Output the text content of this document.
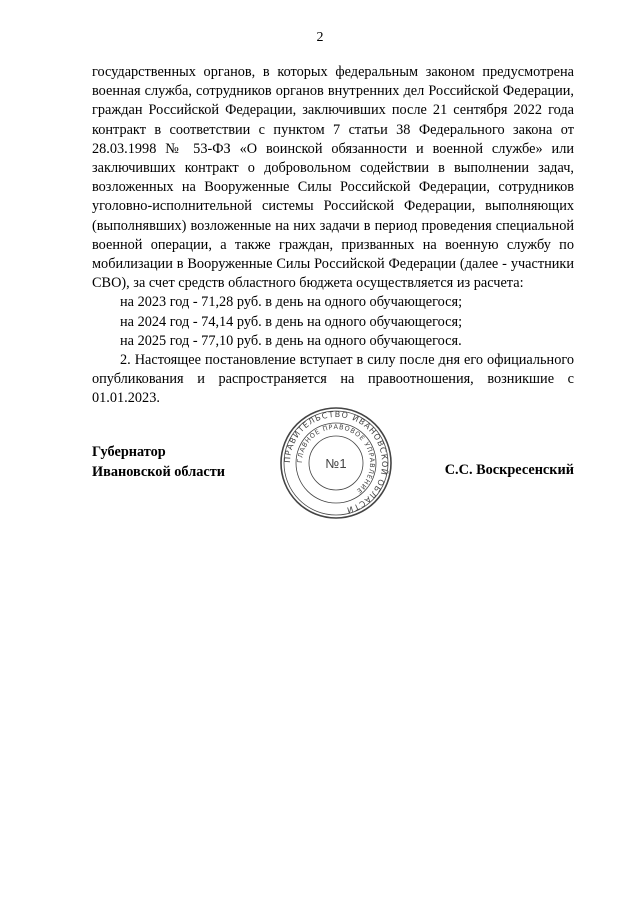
2

государственных органов, в которых федеральным законом предусмотрена военная служба, сотрудников органов внутренних дел Российской Федерации, граждан Российской Федерации, заключивших после 21 сентября 2022 года контракт в соответствии с пунктом 7 статьи 38 Федерального закона от 28.03.1998 № 53-ФЗ «О воинской обязанности и военной службе» или заключивших контракт о добровольном содействии в выполнении задач, возложенных на Вооруженные Силы Российской Федерации, сотрудников уголовно-исполнительной системы Российской Федерации, выполняющих (выполнявших) возложенные на них задачи в период проведения специальной военной операции, а также граждан, призванных на военную службу по мобилизации в Вооруженные Силы Российской Федерации (далее - участники СВО), за счет средств областного бюджета осуществляется из расчета:

на 2023 год - 71,28 руб. в день на одного обучающегося;

на 2024 год - 74,14 руб. в день на одного обучающегося;

на 2025 год - 77,10 руб. в день на одного обучающегося.

2. Настоящее постановление вступает в силу после дня его официального опубликования и распространяется на правоотношения, возникшие с 01.01.2023.

Губернатор
Ивановской области
ПРАВИТЕЛЬСТВО ИВАНОВСКОЙ ОБЛАСТИ
ГЛАВНОЕ ПРАВОВОЕ УПРАВЛЕНИЕ
№1	С.С. Воскресенский
